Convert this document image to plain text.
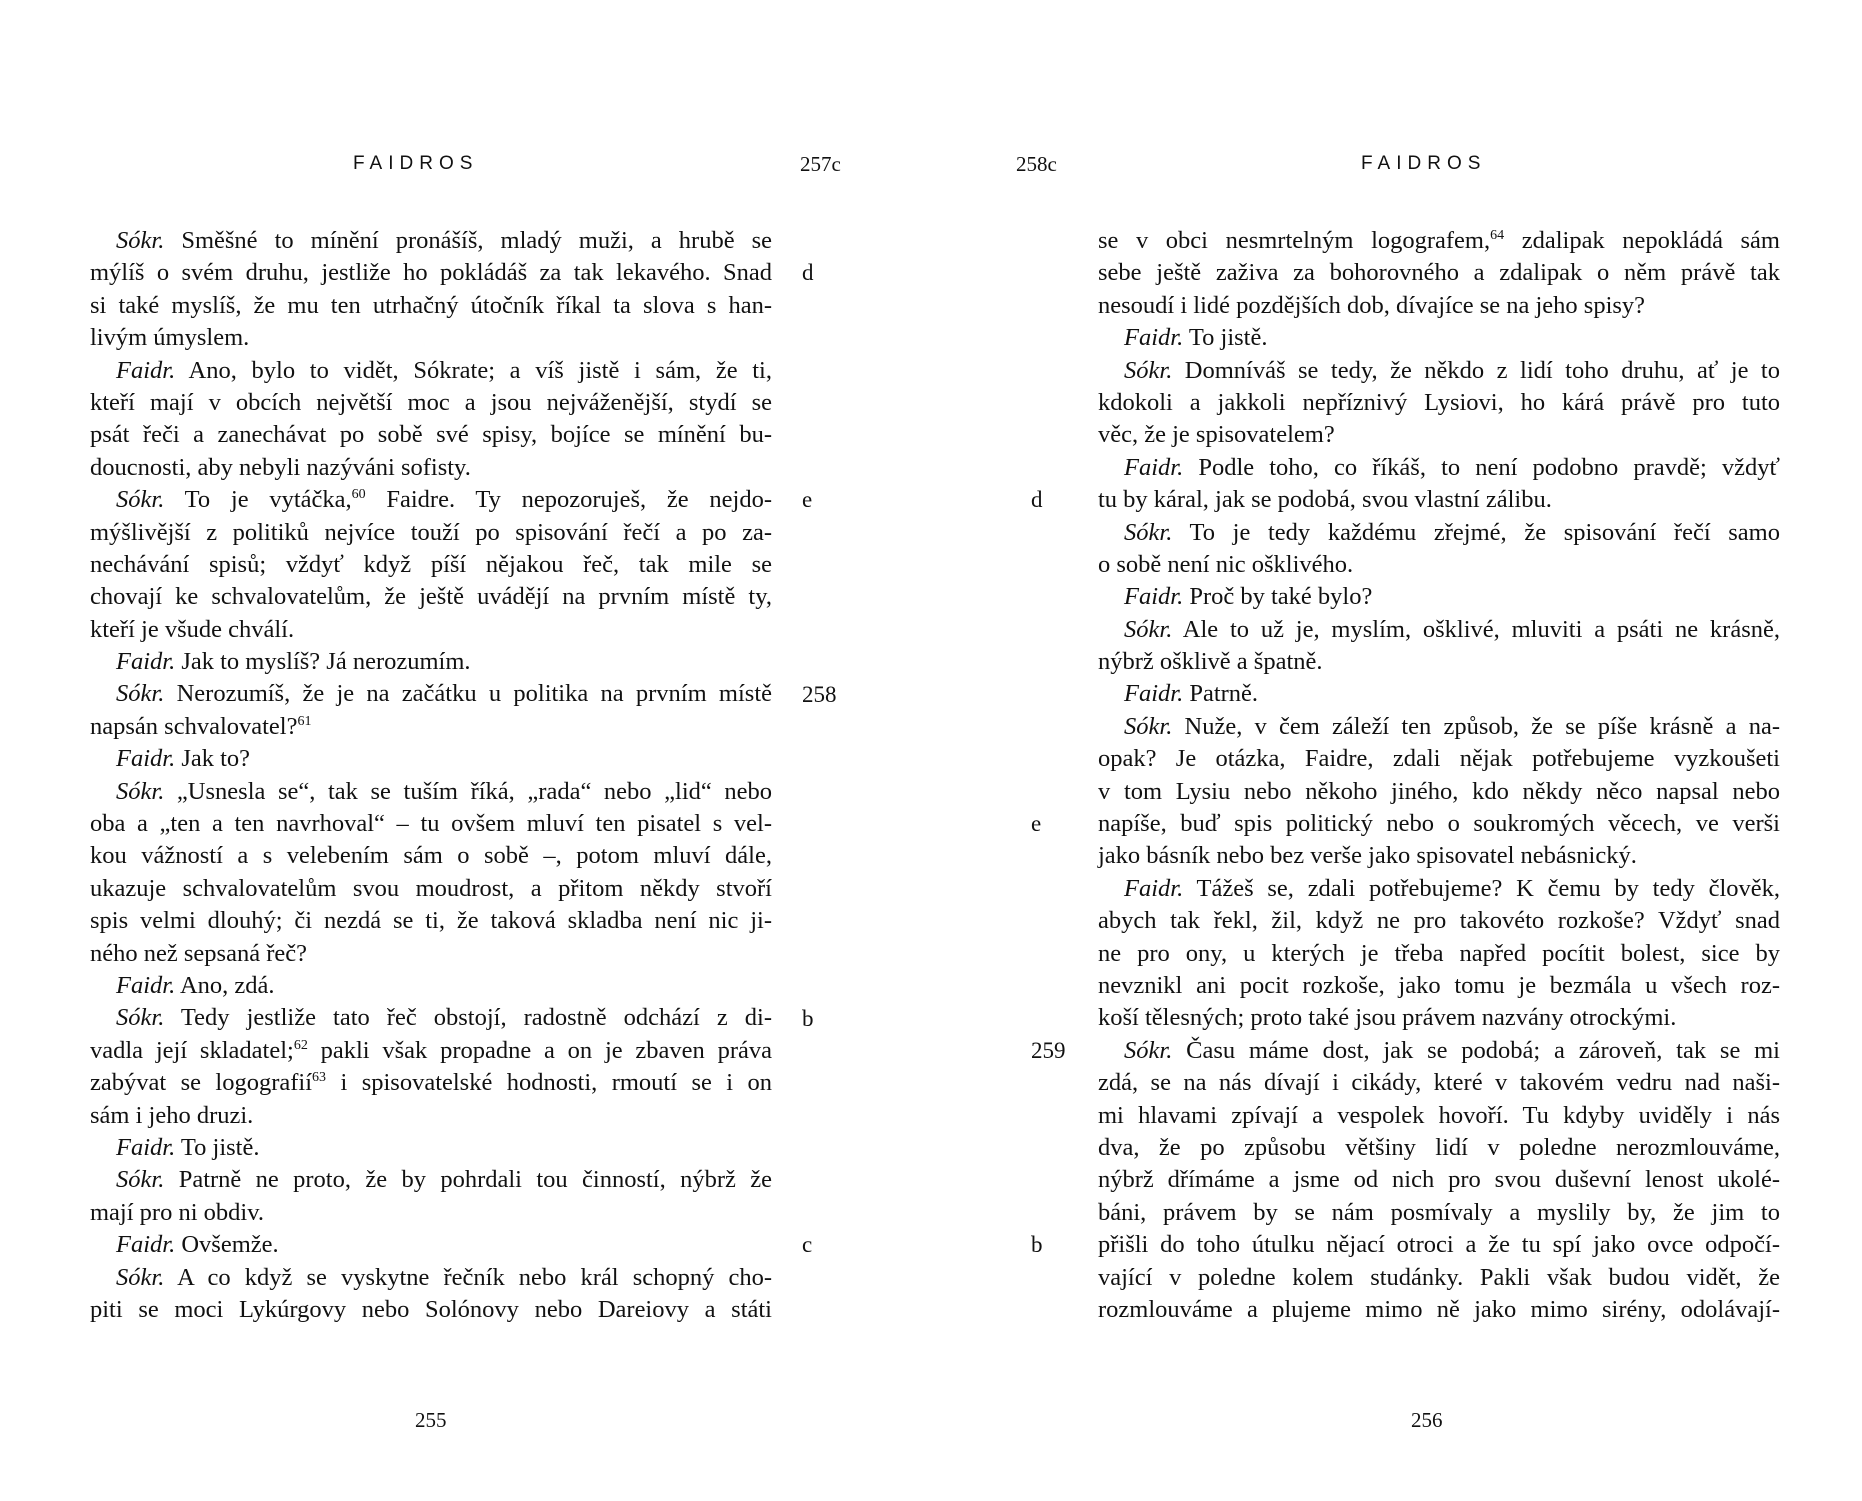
FAIDROS	257c
Sókr. Směšné to mínění pronášíš, mladý muži, a hrubě se
mýlíš o svém druhu, jestliže ho pokládáš za tak lekavého. Snad
si také myslíš, že mu ten utrhačný útočník říkal ta slova s han-
livým úmyslem.
Faidr. Ano, bylo to vidět, Sókrate; a víš jistě i sám, že ti,
kteří mají v obcích největší moc a jsou nejváženější, stydí se
psát řeči a zanechávat po sobě své spisy, bojíce se mínění bu-
doucnosti, aby nebyli nazýváni sofisty.
Sókr. To je vytáčka,$^{60}$ Faidre. Ty nepozoruješ, že nejdo-
mýšlivější z politiků nejvíce touží po spisování řečí a po za-
nechávání spisů; vždyť když píší nějakou řeč, tak mile se
chovají ke schvalovatelům, že ještě uvádějí na prvním místě ty,
kteří je všude chválí.
Faidr. Jak to myslíš? Já nerozumím.
Sókr. Nerozumíš, že je na začátku u politika na prvním místě
napsán schvalovatel?$^{61}$
Faidr. Jak to?
Sókr. „Usnesla se“, tak se tuším říká, „rada“ nebo „lid“ nebo
oba a „ten a ten navrhoval“ – tu ovšem mluví ten pisatel s vel-
kou vážností a s velebením sám o sobě –, potom mluví dále,
ukazuje schvalovatelům svou moudrost, a přitom někdy stvoří
spis velmi dlouhý; či nezdá se ti, že taková skladba není nic ji-
ného než sepsaná řeč?
Faidr. Ano, zdá.
Sókr. Tedy jestliže tato řeč obstojí, radostně odchází z di-
vadla její skladatel;$^{62}$ pakli však propadne a on je zbaven práva
zabývat se logografií$^{63}$ i spisovatelské hodnosti, rmoutí se i on
sám i jeho druzi.
Faidr. To jistě.
Sókr. Patrně ne proto, že by pohrdali tou činností, nýbrž že
mají pro ni obdiv.
Faidr. Ovšemže.
Sókr. A co když se vyskytne řečník nebo král schopný cho-
piti se moci Lykúrgovy nebo Solónovy nebo Dareiovy a státi
d
e
258
b
c
255
FAIDROS
258c
se v obci nesmrtelným logografem,$^{64}$ zdalipak nepokládá sám
sebe ještě zaživa za bohorovného a zdalipak o něm právě tak
nesoudí i lidé pozdějších dob, dívajíce se na jeho spisy?
Faidr. To jistě.
Sókr. Domníváš se tedy, že někdo z lidí toho druhu, ať je to
kdokoli a jakkoli nepříznivý Lysiovi, ho kárá právě pro tuto
věc, že je spisovatelem?
Faidr. Podle toho, co říkáš, to není podobno pravdě; vždyť
tu by káral, jak se podobá, svou vlastní zálibu.
Sókr. To je tedy každému zřejmé, že spisování řečí samo
o sobě není nic ošklivého.
Faidr. Proč by také bylo?
Sókr. Ale to už je, myslím, ošklivé, mluviti a psáti ne krásně,
nýbrž ošklivě a špatně.
Faidr. Patrně.
Sókr. Nuže, v čem záleží ten způsob, že se píše krásně a na-
opak? Je otázka, Faidre, zdali nějak potřebujeme vyzkoušeti
v tom Lysiu nebo někoho jiného, kdo někdy něco napsal nebo
napíše, buď spis politický nebo o soukromých věcech, ve verši
jako básník nebo bez verše jako spisovatel nebásnický.
Faidr. Tážeš se, zdali potřebujeme? K čemu by tedy člověk,
abych tak řekl, žil, když ne pro takovéto rozkoše? Vždyť snad
ne pro ony, u kterých je třeba napřed pocítit bolest, sice by
nevznikl ani pocit rozkoše, jako tomu je bezmála u všech roz-
koší tělesných; proto také jsou právem nazvány otrockými.
Sókr. Času máme dost, jak se podobá; a zároveň, tak se mi
zdá, se na nás dívají i cikády, které v takovém vedru nad naši-
mi hlavami zpívají a vespolek hovoří. Tu kdyby uviděly i nás
dva, že po způsobu většiny lidí v poledne nerozmlouváme,
nýbrž dřímáme a jsme od nich pro svou duševní lenost ukolé-
báni, právem by se nám posmívaly a myslily by, že jim to
přišli do toho útulku nějací otroci a že tu spí jako ovce odpočí-
vající v poledne kolem studánky. Pakli však budou vidět, že
rozmlouváme a plujeme mimo ně jako mimo sirény, odolávají-
d
e
259
b
256
